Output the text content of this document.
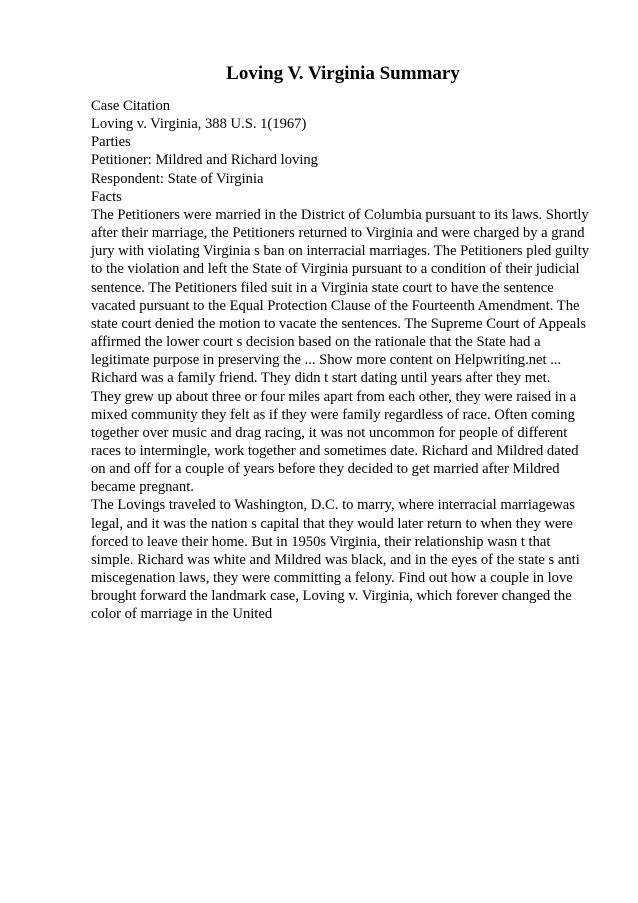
Loving V. Virginia Summary
Case Citation
Loving v. Virginia, 388 U.S. 1(1967)
Parties
Petitioner: Mildred and Richard loving
Respondent: State of Virginia
Facts
The Petitioners were married in the District of Columbia pursuant to its laws. Shortly
after their marriage, the Petitioners returned to Virginia and were charged by a grand
jury with violating Virginia s ban on interracial marriages. The Petitioners pled guilty
to the violation and left the State of Virginia pursuant to a condition of their judicial
sentence. The Petitioners filed suit in a Virginia state court to have the sentence
vacated pursuant to the Equal Protection Clause of the Fourteenth Amendment. The
state court denied the motion to vacate the sentences. The Supreme Court of Appeals
affirmed the lower court s decision based on the rationale that the State had a
legitimate purpose in preserving the ... Show more content on Helpwriting.net ...
Richard was a family friend. They didn t start dating until years after they met.
They grew up about three or four miles apart from each other, they were raised in a
mixed community they felt as if they were family regardless of race. Often coming
together over music and drag racing, it was not uncommon for people of different
races to intermingle, work together and sometimes date. Richard and Mildred dated
on and off for a couple of years before they decided to get married after Mildred
became pregnant.
The Lovings traveled to Washington, D.C. to marry, where interracial marriagewas
legal, and it was the nation s capital that they would later return to when they were
forced to leave their home. But in 1950s Virginia, their relationship wasn t that
simple. Richard was white and Mildred was black, and in the eyes of the state s anti
miscegenation laws, they were committing a felony. Find out how a couple in love
brought forward the landmark case, Loving v. Virginia, which forever changed the
color of marriage in the United
